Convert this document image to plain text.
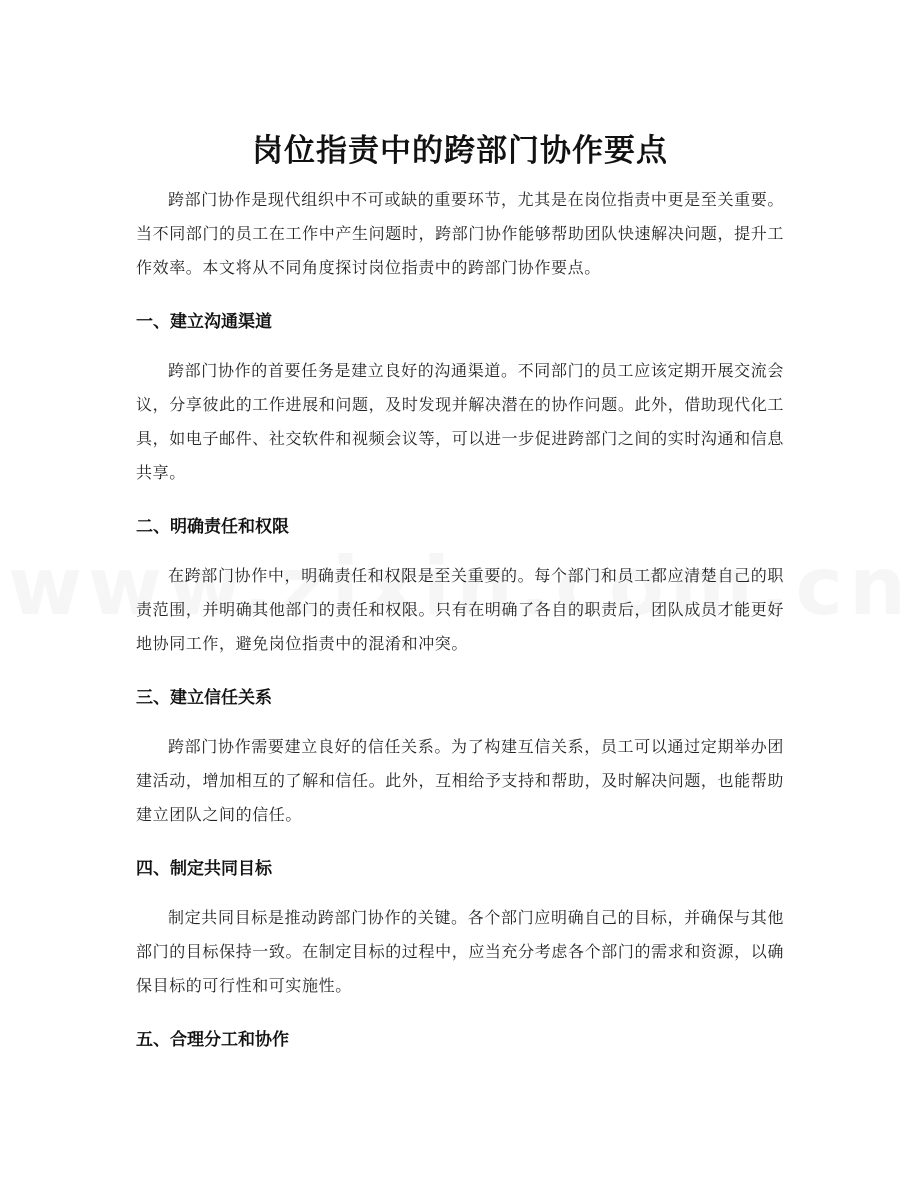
岗位指责中的跨部门协作要点

跨部门协作是现代组织中不可或缺的重要环节，尤其是在岗位指责中更是至关重要。当不同部门的员工在工作中产生问题时，跨部门协作能够帮助团队快速解决问题，提升工作效率。本文将从不同角度探讨岗位指责中的跨部门协作要点。

一、建立沟通渠道

跨部门协作的首要任务是建立良好的沟通渠道。不同部门的员工应该定期开展交流会议，分享彼此的工作进展和问题，及时发现并解决潜在的协作问题。此外，借助现代化工具，如电子邮件、社交软件和视频会议等，可以进一步促进跨部门之间的实时沟通和信息共享。

二、明确责任和权限

在跨部门协作中，明确责任和权限是至关重要的。每个部门和员工都应清楚自己的职责范围，并明确其他部门的责任和权限。只有在明确了各自的职责后，团队成员才能更好地协同工作，避免岗位指责中的混淆和冲突。

三、建立信任关系

跨部门协作需要建立良好的信任关系。为了构建互信关系，员工可以通过定期举办团建活动，增加相互的了解和信任。此外，互相给予支持和帮助，及时解决问题，也能帮助建立团队之间的信任。

四、制定共同目标

制定共同目标是推动跨部门协作的关键。各个部门应明确自己的目标，并确保与其他部门的目标保持一致。在制定目标的过程中，应当充分考虑各个部门的需求和资源，以确保目标的可行性和可实施性。

五、合理分工和协作
